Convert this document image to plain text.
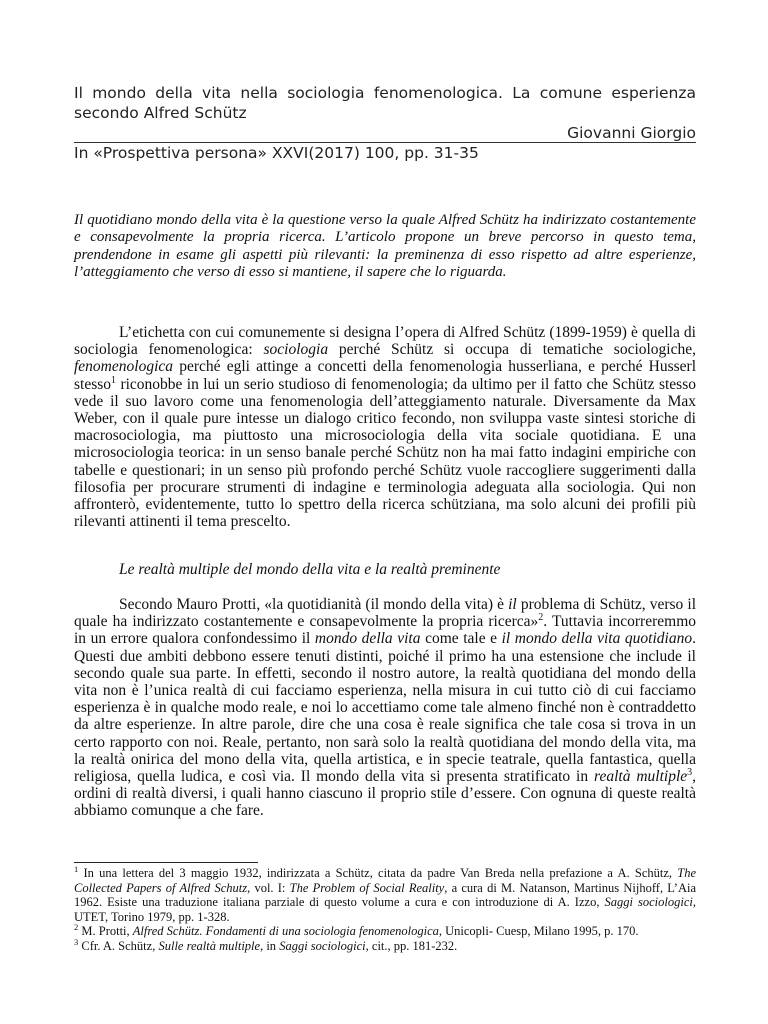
Il mondo della vita nella sociologia fenomenologica. La comune esperienza secondo Alfred Schütz
Giovanni Giorgio
In «Prospettiva persona» XXVI(2017) 100, pp. 31-35
Il quotidiano mondo della vita è la questione verso la quale Alfred Schütz ha indirizzato costantemente e consapevolmente la propria ricerca. L’articolo propone un breve percorso in questo tema, prendendone in esame gli aspetti più rilevanti: la preminenza di esso rispetto ad altre esperienze, l’atteggiamento che verso di esso si mantiene, il sapere che lo riguarda.

L’etichetta con cui comunemente si designa l’opera di Alfred Schütz (1899-1959) è quella di sociologia fenomenologica: sociologia perché Schütz si occupa di tematiche sociologiche, fenomenologica perché egli attinge a concetti della fenomenologia husserliana, e perché Husserl stesso$^1$ riconobbe in lui un serio studioso di fenomenologia; da ultimo per il fatto che Schütz stesso vede il suo lavoro come una fenomenologia dell’atteggiamento naturale. Diversamente da Max Weber, con il quale pure intesse un dialogo critico fecondo, non sviluppa vaste sintesi storiche di macrosociologia, ma piuttosto una microsociologia della vita sociale quotidiana. E una microsociologia teorica: in un senso banale perché Schütz non ha mai fatto indagini empiriche con tabelle e questionari; in un senso più profondo perché Schütz vuole raccogliere suggerimenti dalla filosofia per procurare strumenti di indagine e terminologia adeguata alla sociologia. Qui non affronterò, evidentemente, tutto lo spettro della ricerca schütziana, ma solo alcuni dei profili più rilevanti attinenti il tema prescelto.

Le realtà multiple del mondo della vita e la realtà preminente

Secondo Mauro Protti, «la quotidianità (il mondo della vita) è il problema di Schütz, verso il quale ha indirizzato costantemente e consapevolmente la propria ricerca»$^2$. Tuttavia incorreremmo in un errore qualora confondessimo il mondo della vita come tale e il mondo della vita quotidiano. Questi due ambiti debbono essere tenuti distinti, poiché il primo ha una estensione che include il secondo quale sua parte. In effetti, secondo il nostro autore, la realtà quotidiana del mondo della vita non è l’unica realtà di cui facciamo esperienza, nella misura in cui tutto ciò di cui facciamo esperienza è in qualche modo reale, e noi lo accettiamo come tale almeno finché non è contraddetto da altre esperienze. In altre parole, dire che una cosa è reale significa che tale cosa si trova in un certo rapporto con noi. Reale, pertanto, non sarà solo la realtà quotidiana del mondo della vita, ma la realtà onirica del mono della vita, quella artistica, e in specie teatrale, quella fantastica, quella religiosa, quella ludica, e così via. Il mondo della vita si presenta stratificato in realtà multiple$^3$, ordini di realtà diversi, i quali hanno ciascuno il proprio stile d’essere. Con ognuna di queste realtà abbiamo comunque a che fare.

$^1$ In una lettera del 3 maggio 1932, indirizzata a Schütz, citata da padre Van Breda nella prefazione a A. Schütz, The Collected Papers of Alfred Schutz, vol. I: The Problem of Social Reality, a cura di M. Natanson, Martinus Nijhoff, L’Aia 1962. Esiste una traduzione italiana parziale di questo volume a cura e con introduzione di A. Izzo, Saggi sociologici, UTET, Torino 1979, pp. 1-328.

$^2$ M. Protti, Alfred Schütz. Fondamenti di una sociologia fenomenologica, Unicopli- Cuesp, Milano 1995, p. 170.

$^3$ Cfr. A. Schütz, Sulle realtà multiple, in Saggi sociologici, cit., pp. 181-232.
